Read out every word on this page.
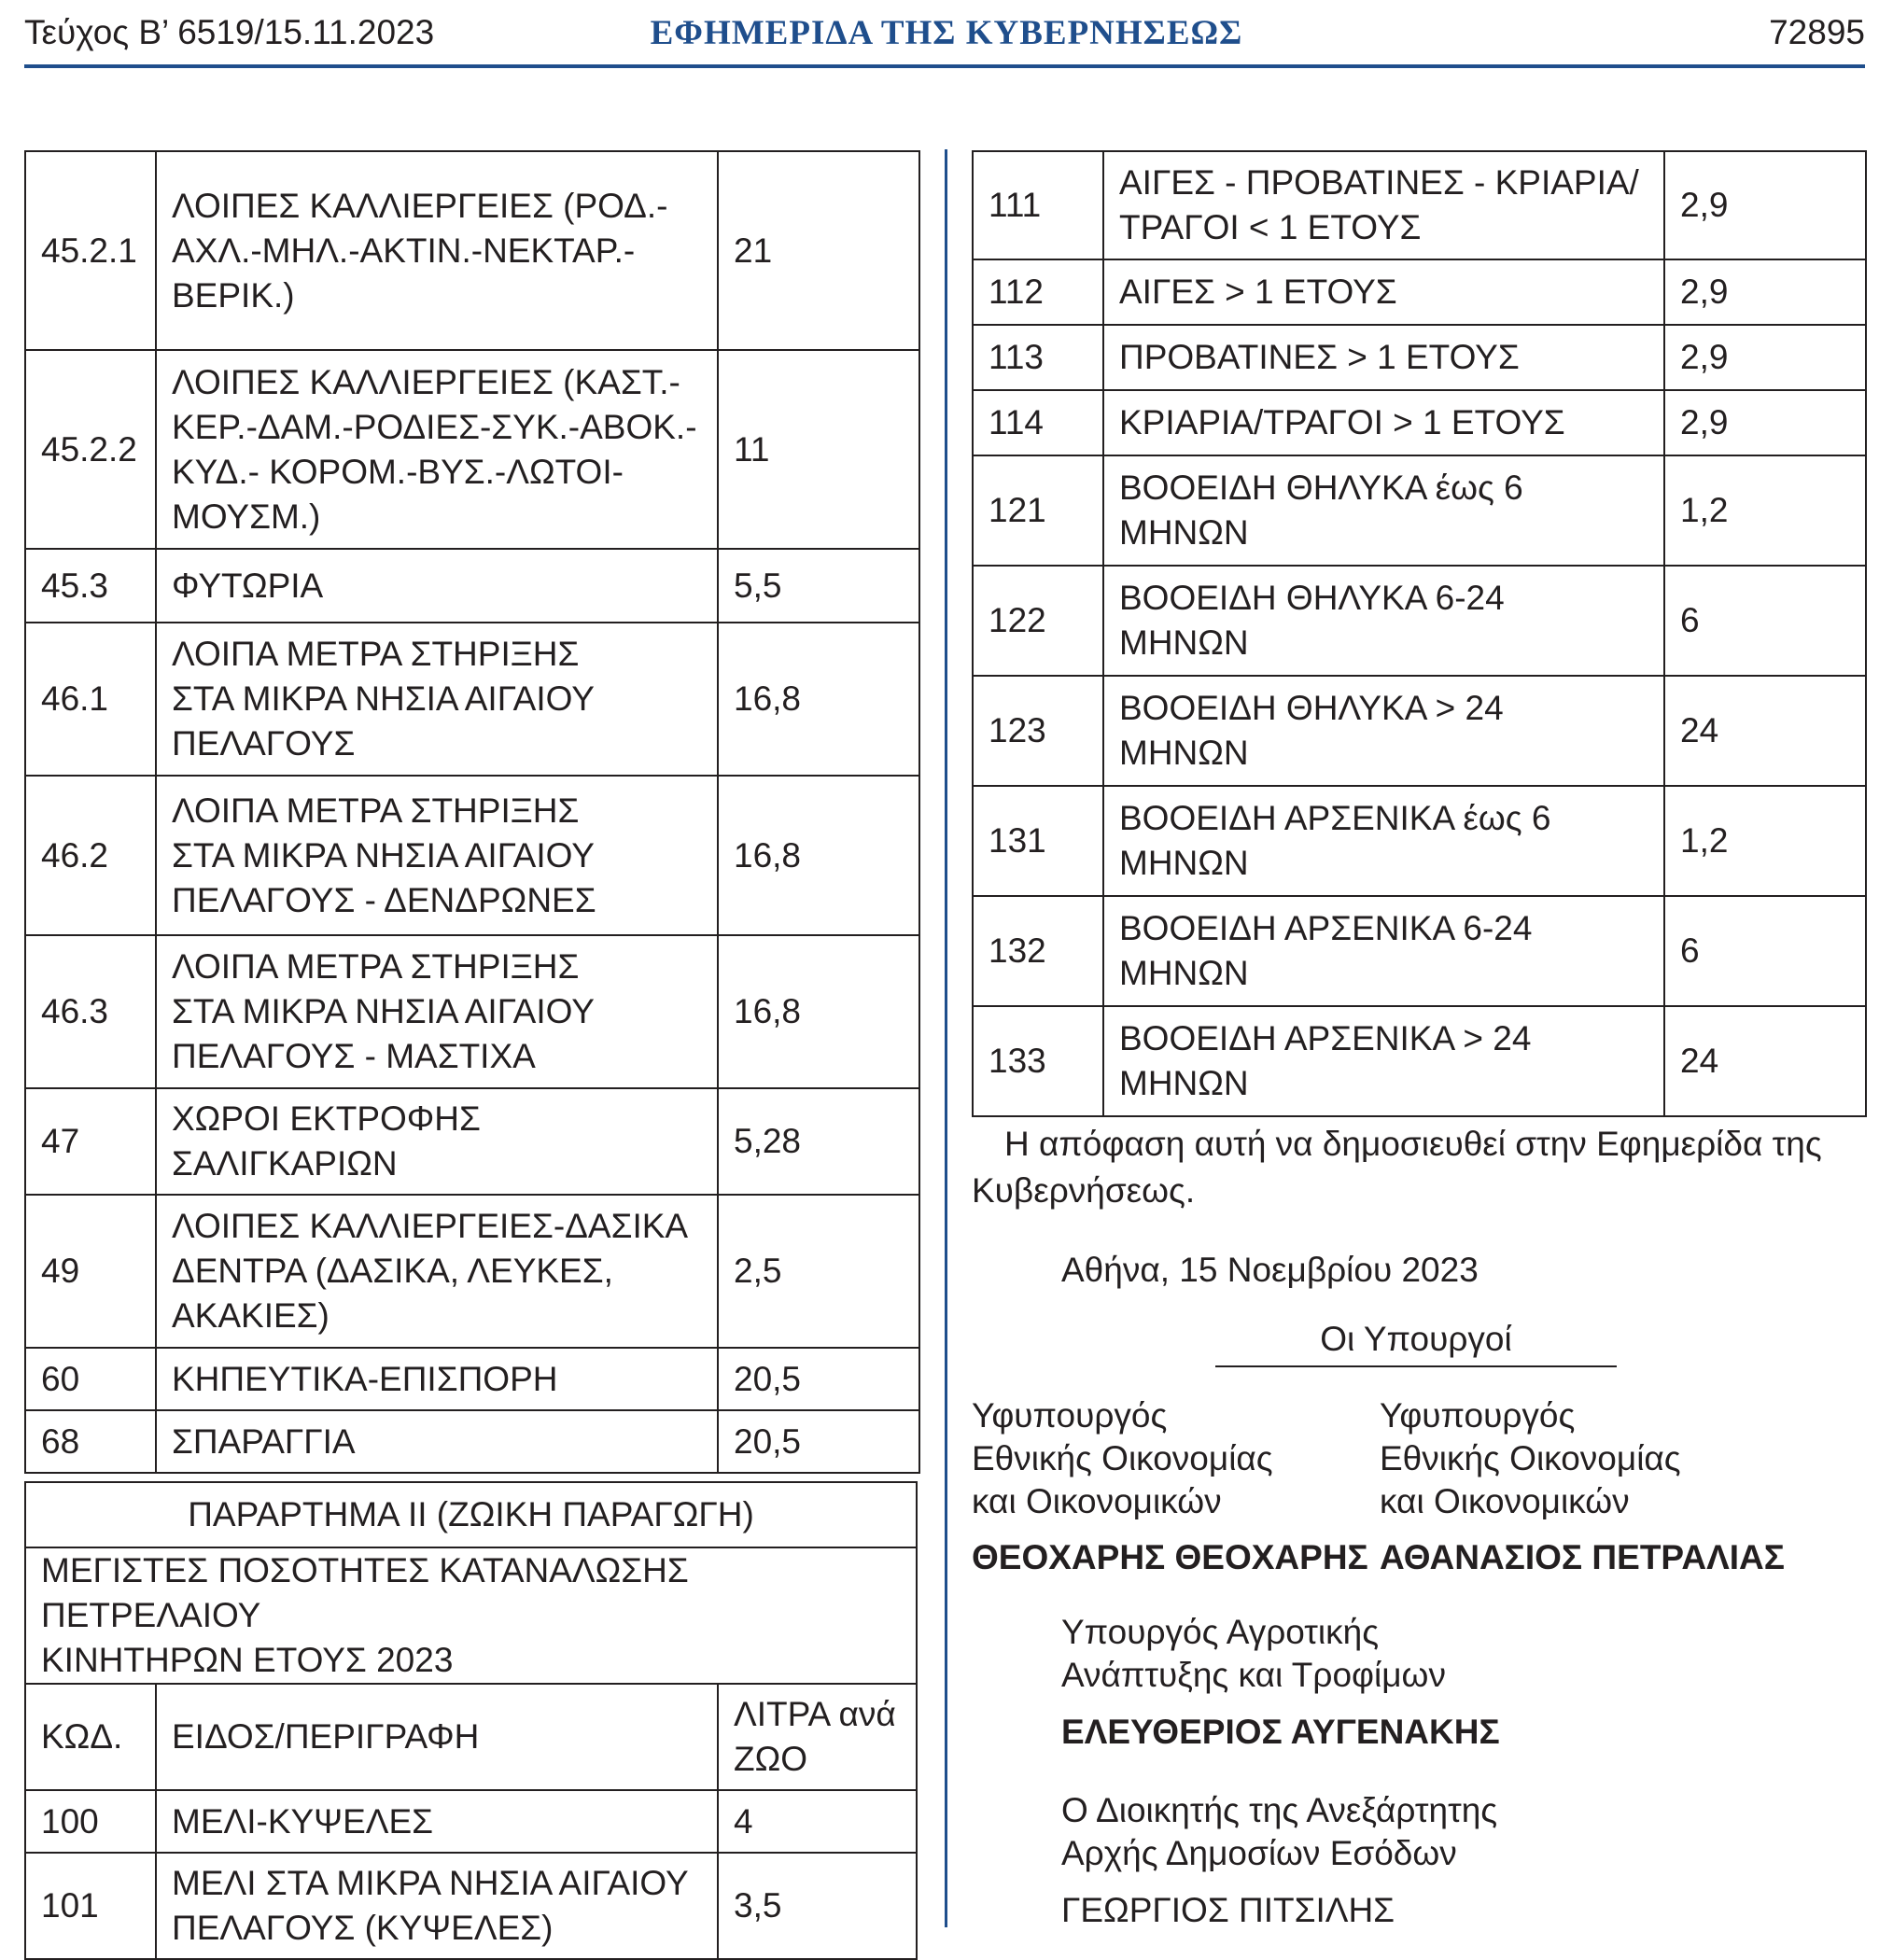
Τεύχος Β’ 6519/15.11.2023	ΕΦΗΜΕΡΙΔΑ ΤΗΣ ΚΥΒΕΡΝΗΣΕΩΣ	72895
45.2.1	ΛΟΙΠΕΣ ΚΑΛΛΙΕΡΓΕΙΕΣ (ΡΟΔ.-
ΑΧΛ.-ΜΗΛ.-ΑΚΤΙΝ.-ΝΕΚΤΑΡ.-
ΒΕΡΙΚ.)	21
45.2.2	ΛΟΙΠΕΣ ΚΑΛΛΙΕΡΓΕΙΕΣ (ΚΑΣΤ.-
ΚΕΡ.-ΔΑΜ.-ΡΟΔΙΕΣ-ΣΥΚ.-ΑΒΟΚ.-
ΚΥΔ.- ΚΟΡΟΜ.-ΒΥΣ.-ΛΩΤΟΙ-
ΜΟΥΣΜ.)	11
45.3	ΦΥΤΩΡΙΑ	5,5
46.1	ΛΟΙΠΑ ΜΕΤΡΑ ΣΤΗΡΙΞΗΣ
ΣΤΑ ΜΙΚΡΑ ΝΗΣΙΑ ΑΙΓΑΙΟΥ
ΠΕΛΑΓΟΥΣ	16,8
46.2	ΛΟΙΠΑ ΜΕΤΡΑ ΣΤΗΡΙΞΗΣ
ΣΤΑ ΜΙΚΡΑ ΝΗΣΙΑ ΑΙΓΑΙΟΥ
ΠΕΛΑΓΟΥΣ - ΔΕΝΔΡΩΝΕΣ	16,8
46.3	ΛΟΙΠΑ ΜΕΤΡΑ ΣΤΗΡΙΞΗΣ
ΣΤΑ ΜΙΚΡΑ ΝΗΣΙΑ ΑΙΓΑΙΟΥ
ΠΕΛΑΓΟΥΣ - ΜΑΣΤΙΧΑ	16,8
47	ΧΩΡΟΙ ΕΚΤΡΟΦΗΣ
ΣΑΛΙΓΚΑΡΙΩΝ	5,28
49	ΛΟΙΠΕΣ ΚΑΛΛΙΕΡΓΕΙΕΣ-ΔΑΣΙΚΑ
ΔΕΝΤΡΑ (ΔΑΣΙΚΑ, ΛΕΥΚΕΣ,
ΑΚΑΚΙΕΣ)	2,5
60	ΚΗΠΕΥΤΙΚΑ-ΕΠΙΣΠΟΡΗ	20,5
68	ΣΠΑΡΑΓΓΙΑ	20,5
ΠΑΡΑΡΤΗΜΑ ΙΙ (ΖΩΙΚΗ ΠΑΡΑΓΩΓΗ)		
ΜΕΓΙΣΤΕΣ ΠΟΣΟΤΗΤΕΣ ΚΑΤΑΝΑΛΩΣΗΣ ΠΕΤΡΕΛΑΙΟΥ
ΚΙΝΗΤΗΡΩΝ ΕΤΟΥΣ 2023		
ΚΩΔ.	ΕΙΔΟΣ/ΠΕΡΙΓΡΑΦΗ	ΛΙΤΡΑ ανά
ΖΩΟ
100	ΜΕΛΙ-ΚΥΨΕΛΕΣ	4
101	ΜΕΛΙ ΣΤΑ ΜΙΚΡΑ ΝΗΣΙΑ ΑΙΓΑΙΟΥ
ΠΕΛΑΓΟΥΣ (ΚΥΨΕΛΕΣ)	3,5
111	ΑΙΓΕΣ - ΠΡΟΒΑΤΙΝΕΣ - ΚΡΙΑΡΙΑ/
ΤΡΑΓΟΙ < 1 ΕΤΟΥΣ	2,9
112	ΑΙΓΕΣ > 1 ΕΤΟΥΣ	2,9
113	ΠΡΟΒΑΤΙΝΕΣ > 1 ΕΤΟΥΣ	2,9
114	ΚΡΙΑΡΙΑ/ΤΡΑΓΟΙ > 1 ΕΤΟΥΣ	2,9
121	ΒΟΟΕΙΔΗ ΘΗΛΥΚΑ έως 6
ΜΗΝΩΝ	1,2
122	ΒΟΟΕΙΔΗ ΘΗΛΥΚΑ 6-24
ΜΗΝΩΝ	6
123	ΒΟΟΕΙΔΗ ΘΗΛΥΚΑ > 24
ΜΗΝΩΝ	24
131	ΒΟΟΕΙΔΗ ΑΡΣΕΝΙΚΑ έως 6
ΜΗΝΩΝ	1,2
132	ΒΟΟΕΙΔΗ ΑΡΣΕΝΙΚΑ 6-24
ΜΗΝΩΝ	6
133	ΒΟΟΕΙΔΗ ΑΡΣΕΝΙΚΑ > 24
ΜΗΝΩΝ	24
Η απόφαση αυτή να δημοσιευθεί στην Εφημερίδα της
Κυβερνήσεως.
Αθήνα, 15 Νοεμβρίου 2023
Οι Υπουργοί
Υφυπουργός
Εθνικής Οικονομίας
και Οικονομικών
ΘΕΟΧΑΡΗΣ ΘΕΟΧΑΡΗΣ
Υφυπουργός
Εθνικής Οικονομίας
και Οικονομικών
ΑΘΑΝΑΣΙΟΣ ΠΕΤΡΑΛΙΑΣ
Υπουργός Αγροτικής
Ανάπτυξης και Τροφίμων
ΕΛΕΥΘΕΡΙΟΣ ΑΥΓΕΝΑΚΗΣ
Ο Διοικητής της Ανεξάρτητης
Αρχής Δημοσίων Εσόδων
ΓΕΩΡΓΙΟΣ ΠΙΤΣΙΛΗΣ
